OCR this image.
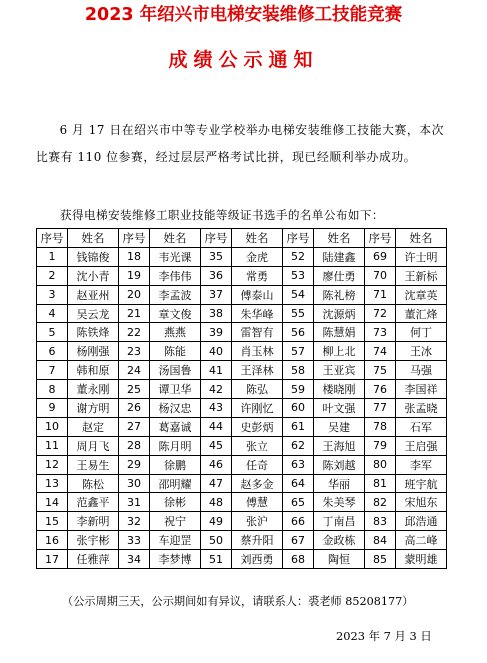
2023 年绍兴市电梯安装维修工技能竞赛
成绩公示通知
6 月 17 日在绍兴市中等专业学校举办电梯安装维修工技能大赛，本次比赛有 110 位参赛，经过层层严格考试比拼，现已经顺利举办成功。
获得电梯安装维修工职业技能等级证书选手的名单公布如下：
序号	姓名	序号	姓名	序号	姓名	序号	姓名	序号	姓名
1	钱锦俊	18	韦光课	35	金虎	52	陆建鑫	69	许士明
2	沈小青	19	李伟伟	36	常勇	53	廖仕勇	70	王新标
3	赵亚州	20	李孟波	37	傅泰山	54	陈礼榜	71	沈章英
4	吴云龙	21	章文俊	38	朱华峰	55	沈源炳	72	董汇烽
5	陈铁烽	22	燕燕	39	雷智有	56	陈慧娟	73	何丁
6	杨刚强	23	陈能	40	肖玉林	57	柳上北	74	王冰
7	韩和原	24	汤国鲁	41	王泽林	58	王亚宾	75	马强
8	董永刚	25	谭卫华	42	陈弘	59	楼晓刚	76	李国祥
9	谢方明	26	杨汉忠	43	许刚忆	60	叶文强	77	张孟晓
10	赵定	27	葛嘉诚	44	史彭炳	61	吴建	78	石军
11	周月飞	28	陈月明	45	张立	62	王海旭	79	王启强
12	王易生	29	徐鹏	46	任奇	63	陈刘越	80	李军
13	陈松	30	邵明耀	47	赵多金	64	华丽	81	班宇航
14	范鑫平	31	徐彬	48	傅慧	65	朱美琴	82	宋旭东
15	李新明	32	祝宁	49	张沪	66	丁南昌	83	邱浩通
16	张宇彬	33	车迎罡	50	蔡升阳	67	金政栋	84	高二峰
17	任雅萍	34	李梦博	51	刘西勇	68	陶恒	85	蒙明雄
（公示周期三天，公示期间如有异议，请联系人：裘老师 85208177）
2023 年 7 月 3 日
